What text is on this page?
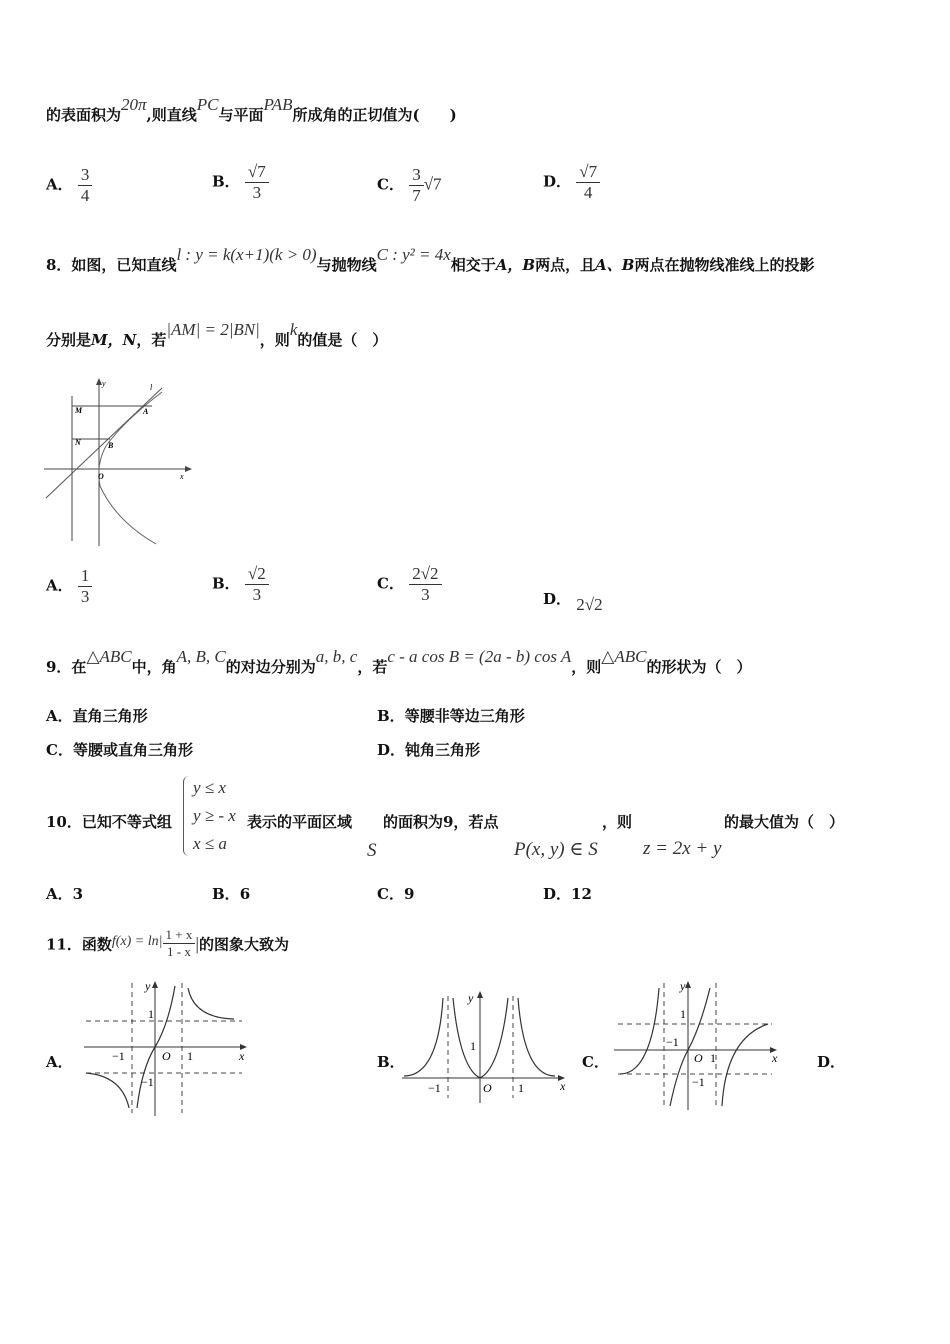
的表面积为20π,则直线PC与平面PAB所成角的正切值为(　　)
A． $\frac{3}{4}$	B． $\frac{√7}{3}$	C． $\frac{3}{7} √7$	D． $\frac{√7}{4}$
8．如图，已知直线l : y = k(x+1)(k > 0)与抛物线C : y² = 4x相交于A，B两点，且A、B两点在抛物线准线上的投影
分别是M，N，若|AM| = 2|BN|，则k的值是（　）
y
x
l
M
N
A
B
O
A． $\frac{1}{3}$	B． $\frac{√2}{3}$	C． $\frac{2√2}{3}$	D． 2√2
9．在△ABC中，角A, B, C的对边分别为a, b, c，若c - a cos B = (2a - b) cos A，则△ABC的形状为（　）
A．直角三角形	B．等腰非等边三角形
C．等腰或直角三角形	D．钝角三角形
10．已知不等式组
y ≤ x
y ≥ - x
x ≤ a
表示的平面区域
S
的面积为9，若点
P(x, y) ∈ S
，则
z = 2x + y
的最大值为（　）
A．3	B．6	C．9	D．12
11．函数$f(x) = \ln| \frac{1 + x}{1 - x}$ |的图象大致为
A．	B．	C．	D．
y
x
O 1
1
−1
−1
y
x
O 1
1
−1
y
x
O 1
1
−1
−1
